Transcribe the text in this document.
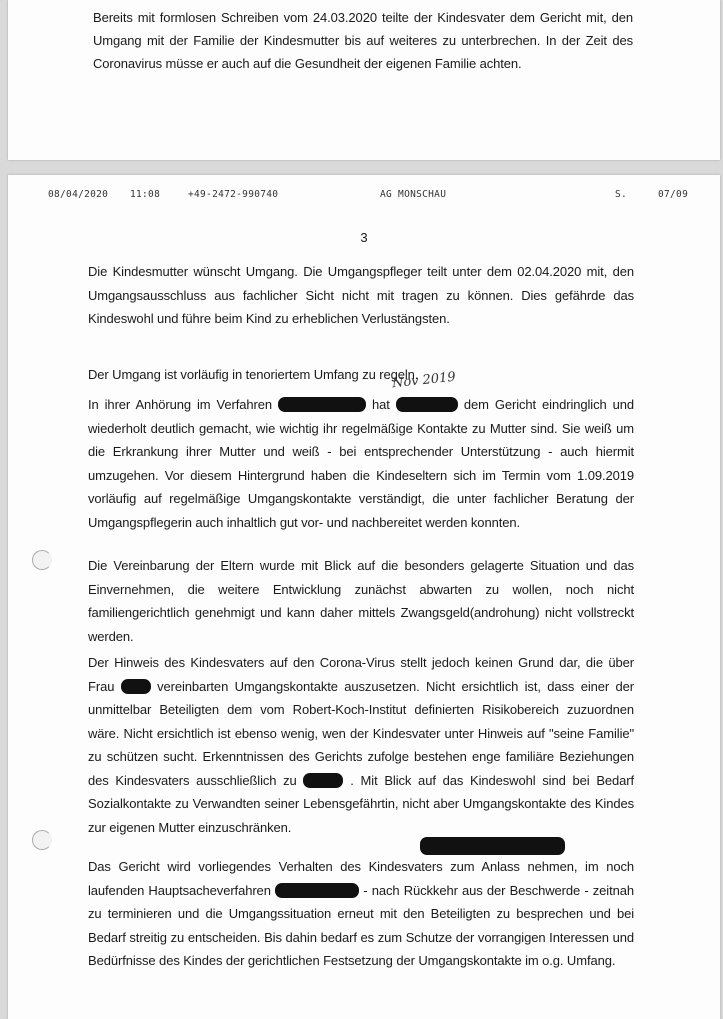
Bereits mit formlosen Schreiben vom 24.03.2020 teilte der Kindesvater dem Gericht mit, den Umgang mit der Familie der Kindesmutter bis auf weiteres zu unterbrechen. In der Zeit des Coronavirus müsse er auch auf die Gesundheit der eigenen Familie achten.

08/04/2020 11:08	+49-2472-990740	AG MONSCHAU	S.	07/09
3

Die Kindesmutter wünscht Umgang. Die Umgangspfleger teilt unter dem 02.04.2020 mit, den Umgangsausschluss aus fachlicher Sicht nicht mit tragen zu können. Dies gefährde das Kindeswohl und führe beim Kind zu erheblichen Verlustängsten.

Der Umgang ist vorläufig in tenoriertem Umfang zu regeln.

Nov 2019

In ihrer Anhörung im Verfahren	hat	dem Gericht eindringlich und wiederholt deutlich gemacht, wie wichtig ihr regelmäßige Kontakte zu Mutter sind. Sie weiß um die Erkrankung ihrer Mutter und weiß - bei entsprechender Unterstützung - auch hiermit umzugehen. Vor diesem Hintergrund haben die Kindeseltern sich im Termin vom 1.09.2019 vorläufig auf regelmäßige Umgangskontakte verständigt, die unter fachlicher Beratung der Umgangspflegerin auch inhaltlich gut vor- und nachbereitet werden konnten.

Die Vereinbarung der Eltern wurde mit Blick auf die besonders gelagerte Situation und das Einvernehmen, die weitere Entwicklung zunächst abwarten zu wollen, noch nicht familiengerichtlich genehmigt und kann daher mittels Zwangsgeld(androhung) nicht vollstreckt werden.

Der Hinweis des Kindesvaters auf den Corona-Virus stellt jedoch keinen Grund dar, die über Frau	vereinbarten Umgangskontakte auszusetzen. Nicht ersichtlich ist, dass einer der unmittelbar Beteiligten dem vom Robert-Koch-Institut definierten Risikobereich zuzuordnen wäre. Nicht ersichtlich ist ebenso wenig, wen der Kindesvater unter Hinweis auf "seine Familie" zu schützen sucht. Erkenntnissen des Gerichts zufolge bestehen enge familiäre Beziehungen des Kindesvaters ausschließlich zu	. Mit Blick auf das Kindeswohl sind bei Bedarf Sozialkontakte zu Verwandten seiner Lebensgefährtin, nicht aber Umgangskontakte des Kindes zur eigenen Mutter einzuschränken.

Das Gericht wird vorliegendes Verhalten des Kindesvaters zum Anlass nehmen, im noch laufenden Hauptsacheverfahren	- nach Rückkehr aus der Beschwerde - zeitnah zu terminieren und die Umgangssituation erneut mit den Beteiligten zu besprechen und bei Bedarf streitig zu entscheiden. Bis dahin bedarf es zum Schutze der vorrangigen Interessen und Bedürfnisse des Kindes der gerichtlichen Festsetzung der Umgangskontakte im o.g. Umfang.
